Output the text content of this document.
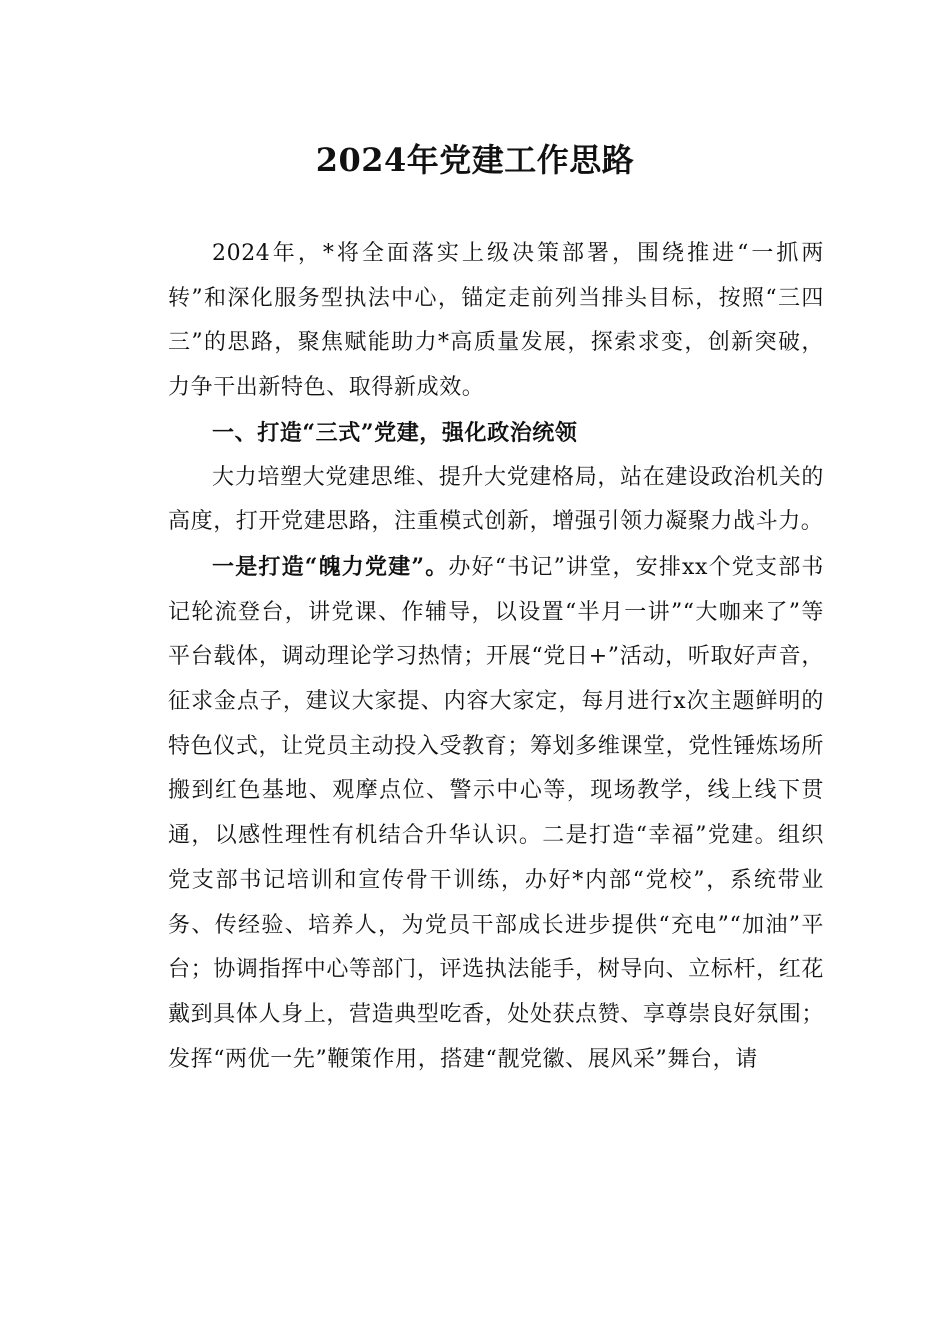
2024年党建工作思路

2024年，*将全面落实上级决策部署，围绕推进“一抓两转”和深化服务型执法中心，锚定走前列当排头目标，按照“三四三”的思路，聚焦赋能助力*高质量发展，探索求变，创新突破，力争干出新特色、取得新成效。

一、打造“三式”党建，强化政治统领

大力培塑大党建思维、提升大党建格局，站在建设政治机关的高度，打开党建思路，注重模式创新，增强引领力凝聚力战斗力。

一是打造“魄力党建”。办好“书记”讲堂，安排xx个党支部书记轮流登台，讲党课、作辅导，以设置“半月一讲”“大咖来了”等平台载体，调动理论学习热情；开展“党日+”活动，听取好声音，征求金点子，建议大家提、内容大家定，每月进行x次主题鲜明的特色仪式，让党员主动投入受教育；筹划多维课堂，党性锤炼场所搬到红色基地、观摩点位、警示中心等，现场教学，线上线下贯通，以感性理性有机结合升华认识。二是打造“幸福”党建。组织党支部书记培训和宣传骨干训练，办好*内部“党校”，系统带业务、传经验、培养人，为党员干部成长进步提供“充电”“加油”平台；协调指挥中心等部门，评选执法能手，树导向、立标杆，红花戴到具体人身上，营造典型吃香，处处获点赞、享尊崇良好氛围；发挥“两优一先”鞭策作用，搭建“靓党徽、展风采”舞台，请
